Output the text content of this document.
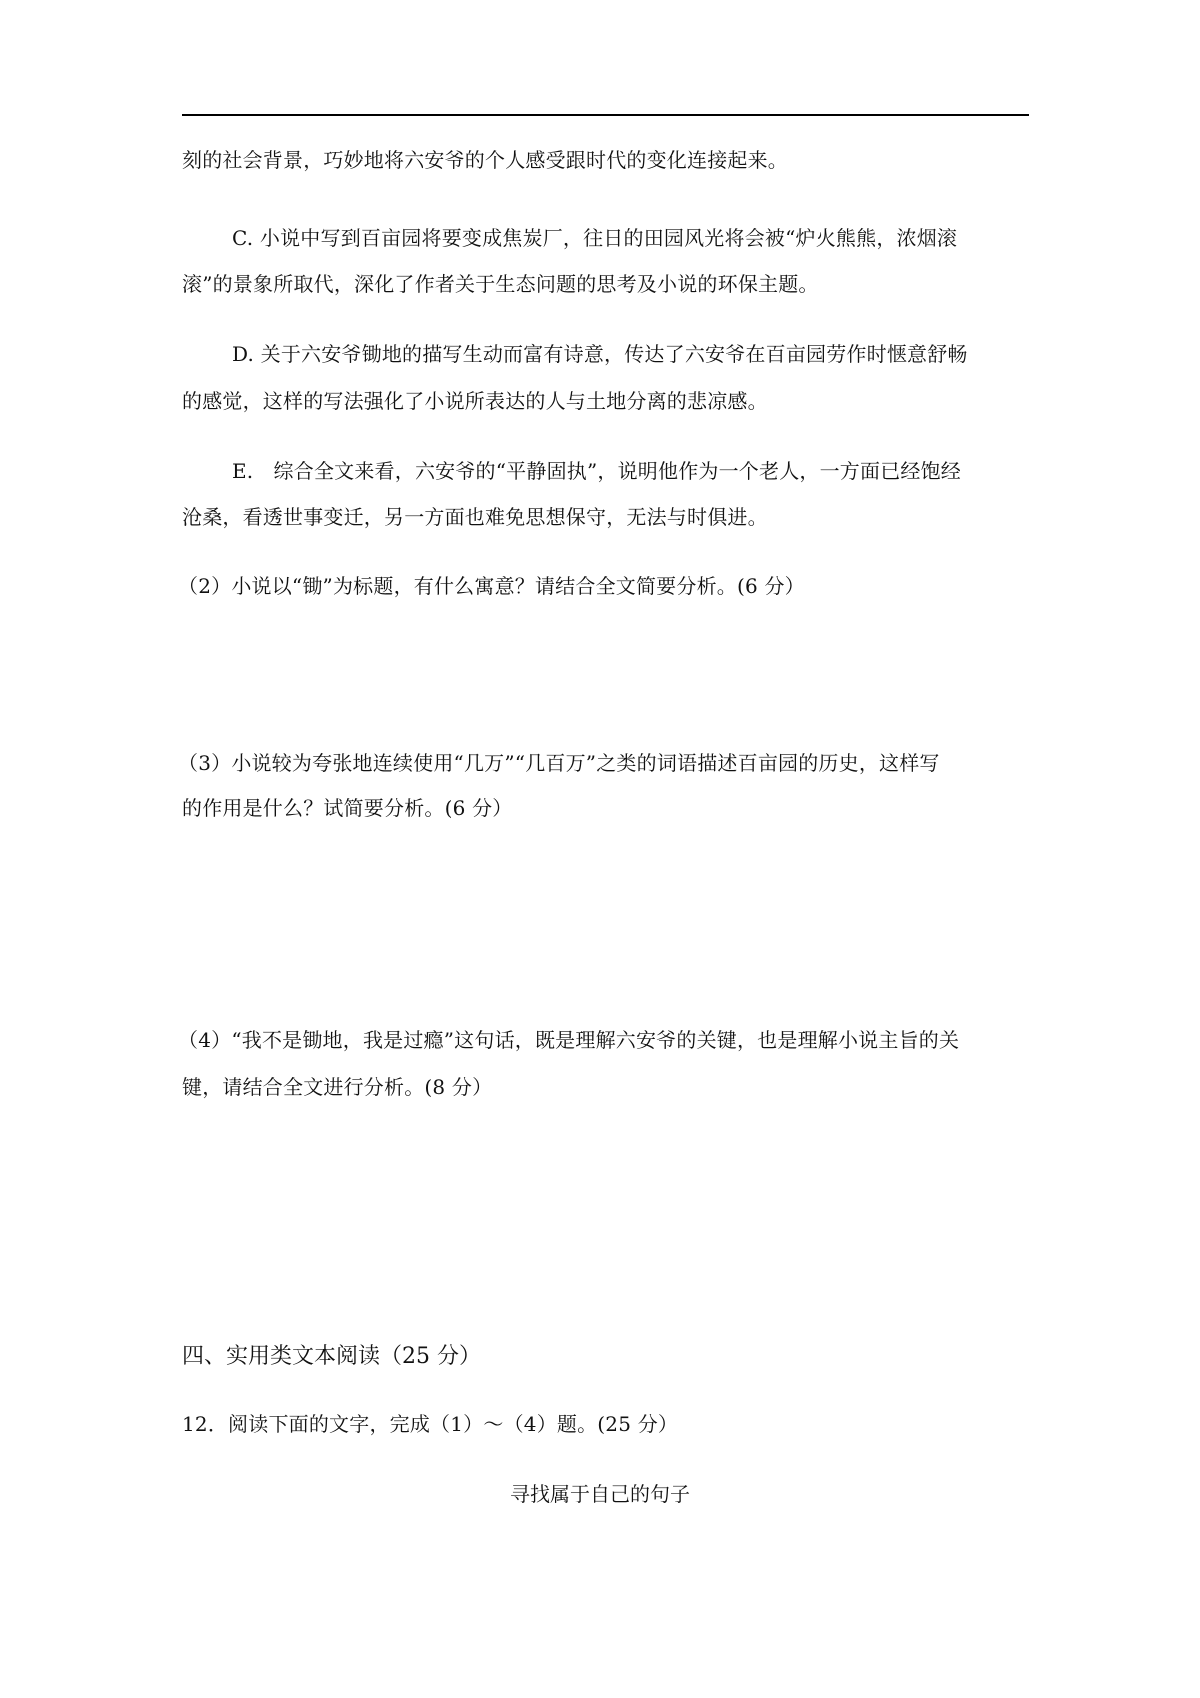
刻的社会背景，巧妙地将六安爷的个人感受跟时代的变化连接起来。
C. 小说中写到百亩园将要变成焦炭厂，往日的田园风光将会被“炉火熊熊，浓烟滚
滚”的景象所取代，深化了作者关于生态问题的思考及小说的环保主题。
D. 关于六安爷锄地的描写生动而富有诗意，传达了六安爷在百亩园劳作时惬意舒畅
的感觉，这样的写法强化了小说所表达的人与土地分离的悲凉感。
E.　综合全文来看，六安爷的“平静固执”，说明他作为一个老人，一方面已经饱经
沧桑，看透世事变迁，另一方面也难免思想保守，无法与时俱进。
（2）小说以“锄”为标题，有什么寓意？请结合全文简要分析。(6 分）
（3）小说较为夸张地连续使用“几万”“几百万”之类的词语描述百亩园的历史，这样写
的作用是什么？试简要分析。(6 分）
（4）“我不是锄地，我是过瘾”这句话，既是理解六安爷的关键，也是理解小说主旨的关
键，请结合全文进行分析。(8 分）
四、实用类文本阅读（25 分）
12．阅读下面的文字，完成（1）～（4）题。(25 分）
寻找属于自己的句子
